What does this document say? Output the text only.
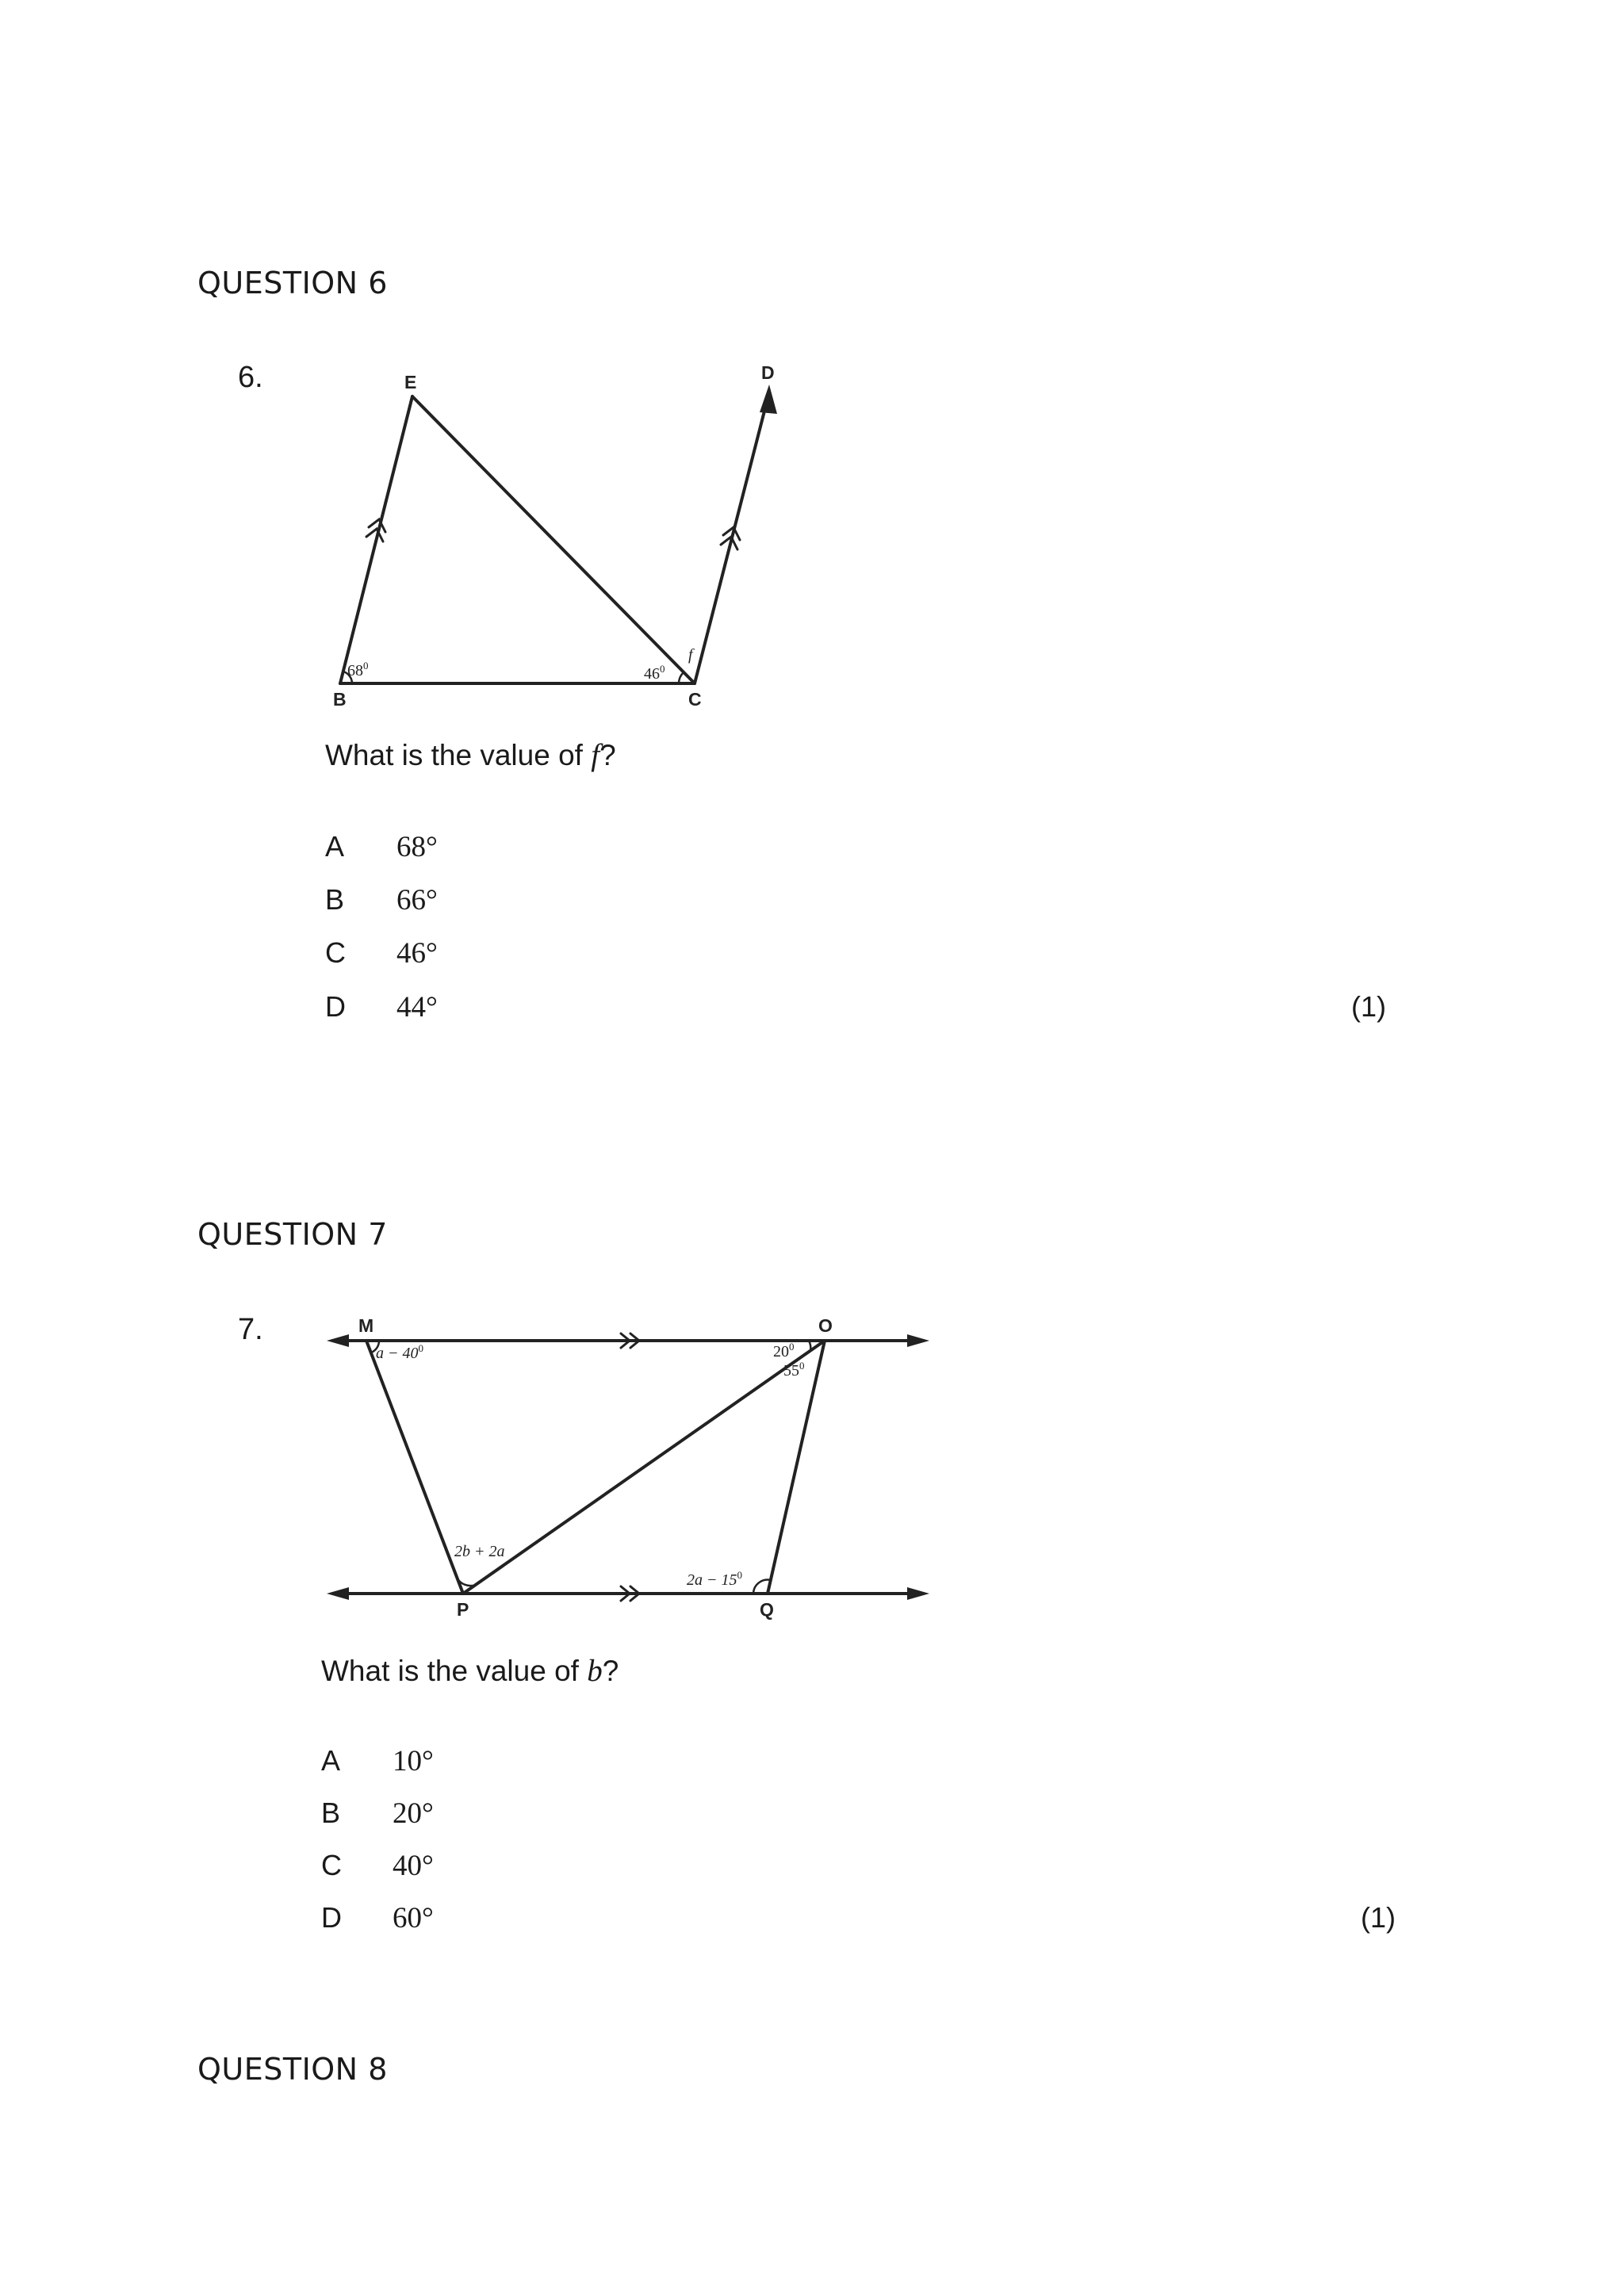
QUESTION 6
6.	E	D
B	C
$68^0$	$46^0$
f
What is the value of f?
A 68°
B 66°
C 46°
D 44°	(1)
QUESTION 7
7.	M	O
P	Q
$a - 40^0$	$20^0$
$55^0$
2b + 2a
$2a - 15^0$
What is the value of b?
A 10°
B 20°
C 40°
D 60°	(1)
QUESTION 8
